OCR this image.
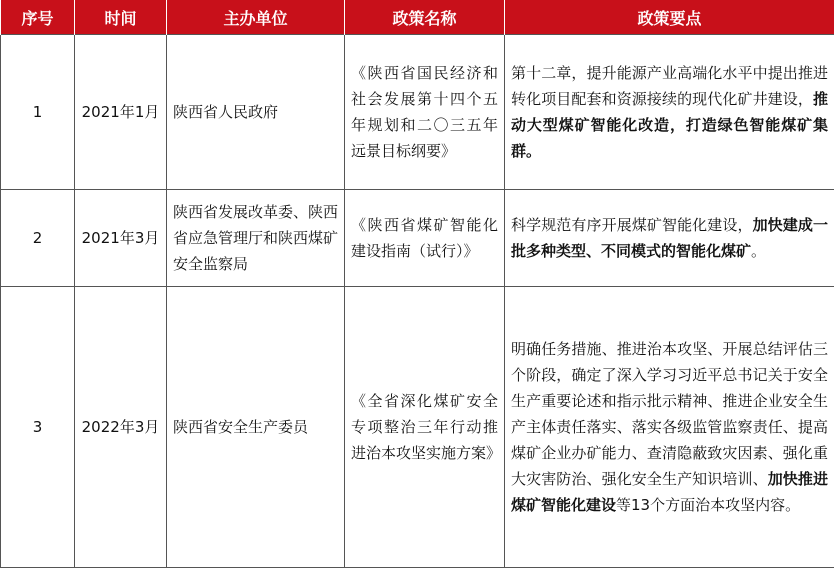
序号	时间	主办单位	政策名称	政策要点
1	2021年1月	陕西省人民政府	《陕西省国民经济和社会发展第十四个五年规划和二〇三五年远景目标纲要》	第十二章，提升能源产业高端化水平中提出推进转化项目配套和资源接续的现代化矿井建设，推动大型煤矿智能化改造，打造绿色智能煤矿集群。
2	2021年3月	陕西省发展改革委、陕西省应急管理厅和陕西煤矿安全监察局	《陕西省煤矿智能化建设指南（试行）》	科学规范有序开展煤矿智能化建设，加快建成一批多种类型、不同模式的智能化煤矿。
3	2022年3月	陕西省安全生产委员	《全省深化煤矿安全专项整治三年行动推进治本攻坚实施方案》	明确任务措施、推进治本攻坚、开展总结评估三个阶段，确定了深入学习习近平总书记关于安全生产重要论述和指示批示精神、推进企业安全生产主体责任落实、落实各级监管监察责任、提高煤矿企业办矿能力、查清隐蔽致灾因素、强化重大灾害防治、强化安全生产知识培训、加快推进煤矿智能化建设等13个方面治本攻坚内容。
